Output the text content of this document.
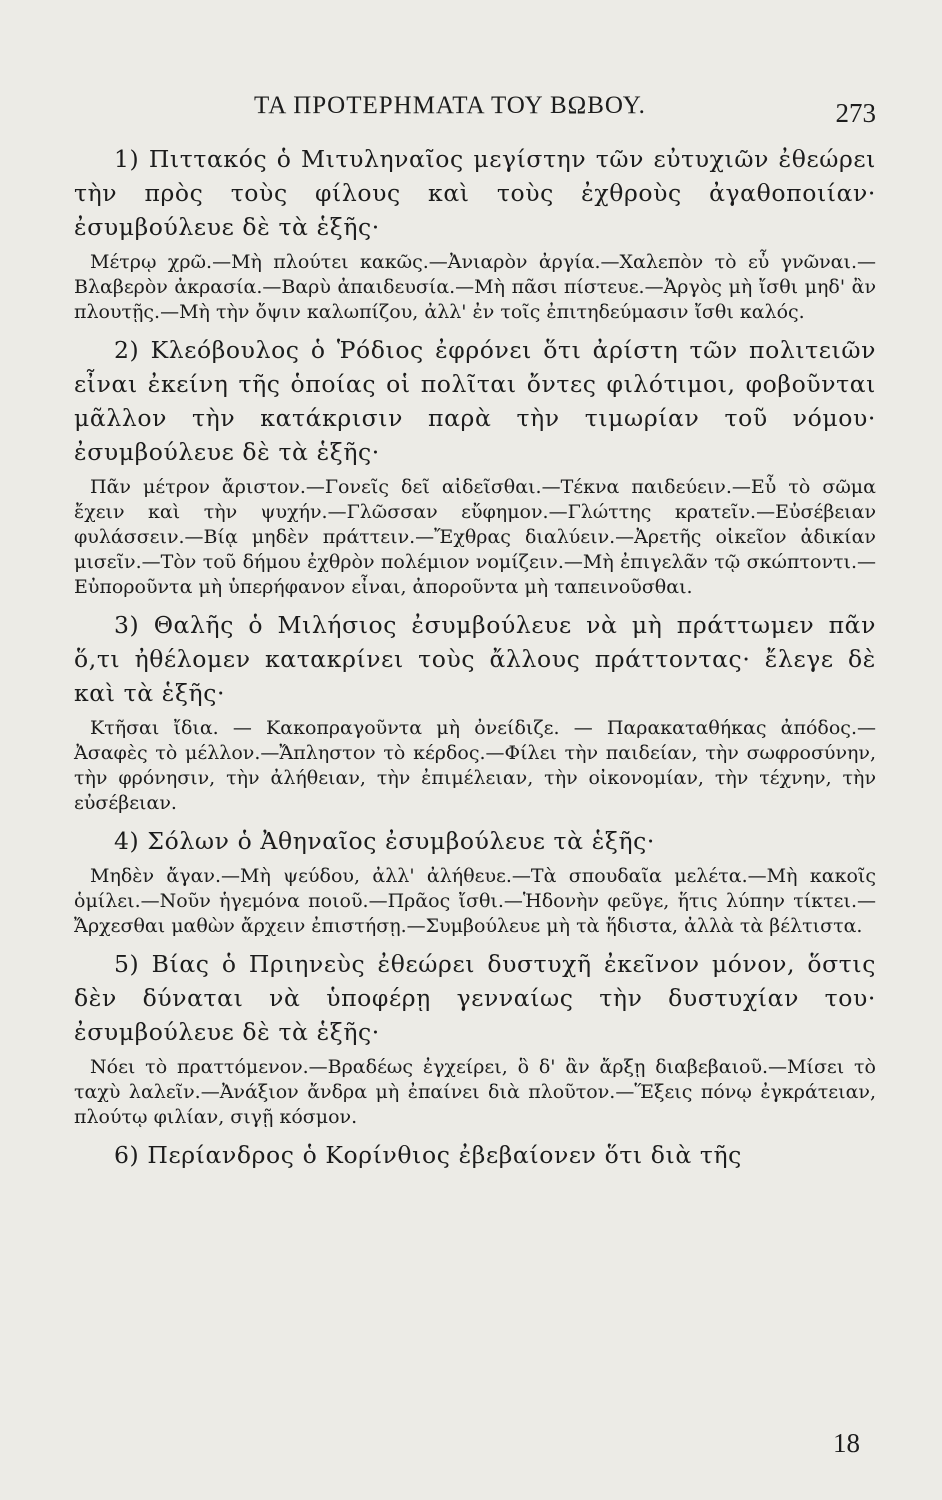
ΤΑ ΠΡΟΤΕΡΗΜΑΤΑ ΤΟΥ ΒΩΒΟΥ.	273

1) Πιττακός ὁ Μιτυληναῖος μεγίστην τῶν εὐτυχιῶν ἐθεώρει τὴν πρὸς τοὺς φίλους καὶ τοὺς ἐχθροὺς ἀγαθοποιίαν· ἐσυμβούλευε δὲ τὰ ἑξῆς·

Μέτρῳ χρῶ.—Μὴ πλούτει κακῶς.—Ἀνιαρὸν ἀργία.—Χαλεπὸν τὸ εὖ γνῶναι.—Βλαβερὸν ἀκρασία.—Βαρὺ ἀπαιδευσία.—Μὴ πᾶσι πίστευε.—Ἀργὸς μὴ ἴσθι μηδ' ἂν πλουτῇς.—Μὴ τὴν ὄψιν καλωπίζου, ἀλλ' ἐν τοῖς ἐπιτηδεύμασιν ἴσθι καλός.

2) Κλεόβουλος ὁ Ῥόδιος ἐφρόνει ὅτι ἀρίστη τῶν πολιτειῶν εἶναι ἐκείνη τῆς ὁποίας οἱ πολῖται ὄντες φιλότιμοι, φοβοῦνται μᾶλλον τὴν κατάκρισιν παρὰ τὴν τιμωρίαν τοῦ νόμου· ἐσυμβούλευε δὲ τὰ ἑξῆς·

Πᾶν μέτρον ἄριστον.—Γονεῖς δεῖ αἰδεῖσθαι.—Τέκνα παιδεύειν.—Εὖ τὸ σῶμα ἔχειν καὶ τὴν ψυχήν.—Γλῶσσαν εὔφημον.—Γλώττης κρατεῖν.—Εὐσέβειαν φυλάσσειν.—Βίᾳ μηδὲν πράττειν.—Ἔχθρας διαλύειν.—Ἀρετῆς οἰκεῖον ἀδικίαν μισεῖν.—Τὸν τοῦ δήμου ἐχθρὸν πολέμιον νομίζειν.—Μὴ ἐπιγελᾶν τῷ σκώπτοντι.—Εὐποροῦντα μὴ ὑπερήφανον εἶναι, ἀποροῦντα μὴ ταπεινοῦσθαι.

3) Θαλῆς ὁ Μιλήσιος ἐσυμβούλευε νὰ μὴ πράττωμεν πᾶν ὅ,τι ἠθέλομεν κατακρίνει τοὺς ἄλλους πράττοντας· ἔλεγε δὲ καὶ τὰ ἑξῆς·

Κτῆσαι ἴδια. — Κακοπραγοῦντα μὴ ὀνείδιζε. — Παρακαταθήκας ἀπόδος.—Ἀσαφὲς τὸ μέλλον.—Ἄπληστον τὸ κέρδος.—Φίλει τὴν παιδείαν, τὴν σωφροσύνην, τὴν φρόνησιν, τὴν ἀλήθειαν, τὴν ἐπιμέλειαν, τὴν οἰκονομίαν, τὴν τέχνην, τὴν εὐσέβειαν.

4) Σόλων ὁ Ἀθηναῖος ἐσυμβούλευε τὰ ἑξῆς·

Μηδὲν ἄγαν.—Μὴ ψεύδου, ἀλλ' ἀλήθευε.—Τὰ σπουδαῖα μελέτα.—Μὴ κακοῖς ὁμίλει.—Νοῦν ἡγεμόνα ποιοῦ.—Πρᾶος ἴσθι.—Ἡδονὴν φεῦγε, ἥτις λύπην τίκτει.—Ἄρχεσθαι μαθὼν ἄρχειν ἐπιστήσῃ.—Συμβούλευε μὴ τὰ ἥδιστα, ἀλλὰ τὰ βέλτιστα.

5) Βίας ὁ Πριηνεὺς ἐθεώρει δυστυχῆ ἐκεῖνον μόνον, ὅστις δὲν δύναται νὰ ὑποφέρῃ γενναίως τὴν δυστυχίαν του· ἐσυμβούλευε δὲ τὰ ἑξῆς·

Νόει τὸ πραττόμενον.—Βραδέως ἐγχείρει, ὃ δ' ἂν ἄρξῃ διαβεβαιοῦ.—Μίσει τὸ ταχὺ λαλεῖν.—Ἀνάξιον ἄνδρα μὴ ἐπαίνει διὰ πλοῦτον.—Ἕξεις πόνῳ ἐγκράτειαν, πλούτῳ φιλίαν, σιγῇ κόσμον.

6) Περίανδρος ὁ Κορίνθιος ἐβεβαίονεν ὅτι διὰ τῆς

18
